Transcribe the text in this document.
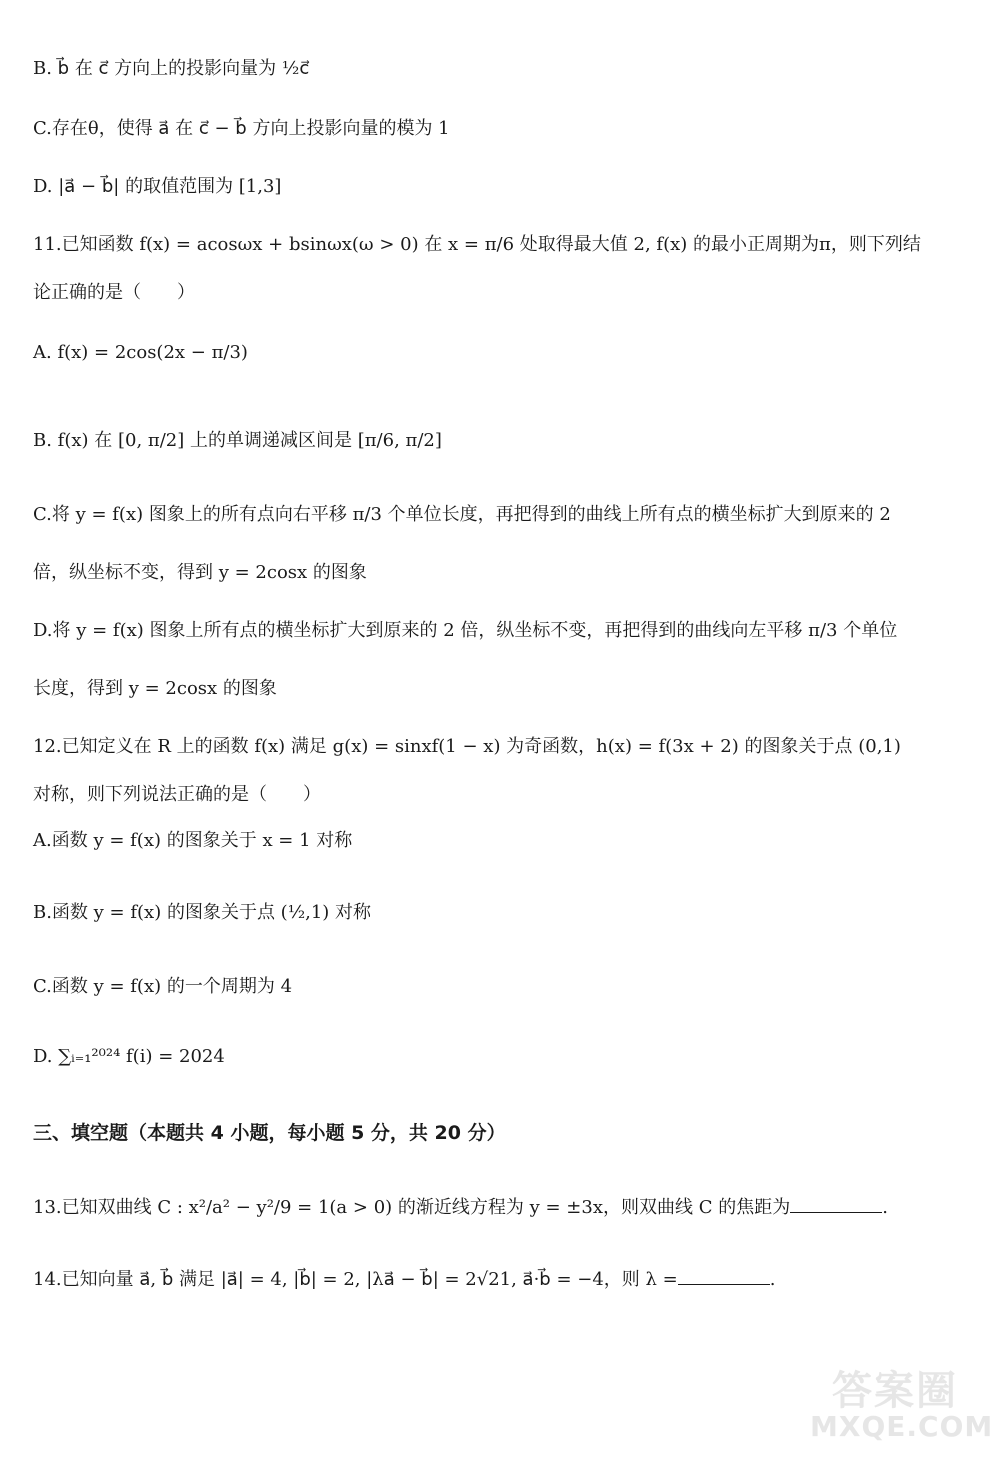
B. b⃗ 在 c⃗ 方向上的投影向量为 ½c⃗
C.存在θ，使得 a⃗ 在 c⃗ − b⃗ 方向上投影向量的模为 1
D. |a⃗ − b⃗| 的取值范围为 [1,3]
11.已知函数 f(x) = acosωx + bsinωx(ω > 0) 在 x = π/6 处取得最大值 2, f(x) 的最小正周期为π，则下列结
论正确的是（　　）
A. f(x) = 2cos(2x − π/3)
B. f(x) 在 [0, π/2] 上的单调递减区间是 [π/6, π/2]
C.将 y = f(x) 图象上的所有点向右平移 π/3 个单位长度，再把得到的曲线上所有点的横坐标扩大到原来的 2
倍，纵坐标不变，得到 y = 2cosx 的图象
D.将 y = f(x) 图象上所有点的横坐标扩大到原来的 2 倍，纵坐标不变，再把得到的曲线向左平移 π/3 个单位
长度，得到 y = 2cosx 的图象
12.已知定义在 R 上的函数 f(x) 满足 g(x) = sinxf(1 − x) 为奇函数，h(x) = f(3x + 2) 的图象关于点 (0,1)
对称，则下列说法正确的是（　　）
A.函数 y = f(x) 的图象关于 x = 1 对称
B.函数 y = f(x) 的图象关于点 (½,1) 对称
C.函数 y = f(x) 的一个周期为 4
D. ∑ᵢ₌₁²⁰²⁴ f(i) = 2024
三、填空题（本题共 4 小题，每小题 5 分，共 20 分）
13.已知双曲线 C : x²/a² − y²/9 = 1(a > 0) 的渐近线方程为 y = ±3x，则双曲线 C 的焦距为	.
14.已知向量 a⃗, b⃗ 满足 |a⃗| = 4, |b⃗| = 2, |λa⃗ − b⃗| = 2√21, a⃗·b⃗ = −4，则 λ =	.
答案圈
MXQE.COM
